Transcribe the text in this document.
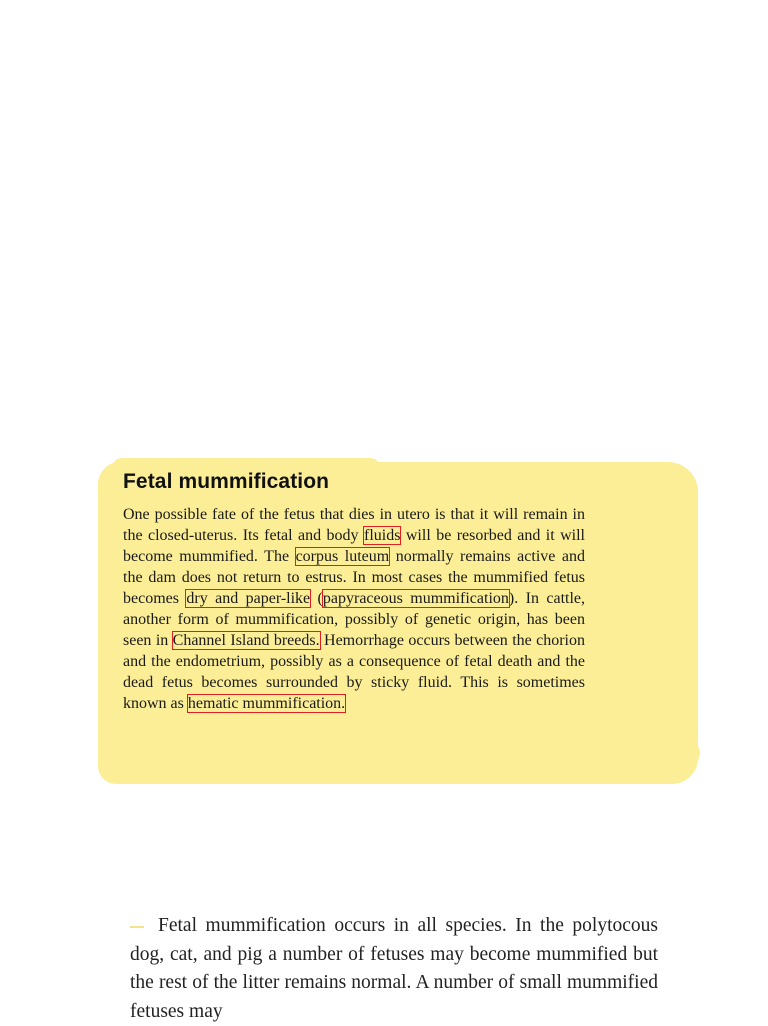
Fetal mummification

One possible fate of the fetus that dies in utero is that it will remain in the closed-uterus. Its fetal and body fluids will be resorbed and it will become mummified. The corpus luteum normally remains active and the dam does not return to estrus. In most cases the mummified fetus becomes dry and paper-like (papyraceous mummification). In cattle, another form of mummification, possibly of genetic origin, has been seen in Channel Island breeds. Hemorrhage occurs between the chorion and the endometrium, possibly as a consequence of fetal death and the dead fetus becomes surrounded by sticky fluid. This is sometimes known as hematic mummification.

Fetal mummification occurs in all species. In the polytocous dog, cat, and pig a number of fetuses may become mummified but the rest of the litter remains normal. A number of small mummified fetuses may
